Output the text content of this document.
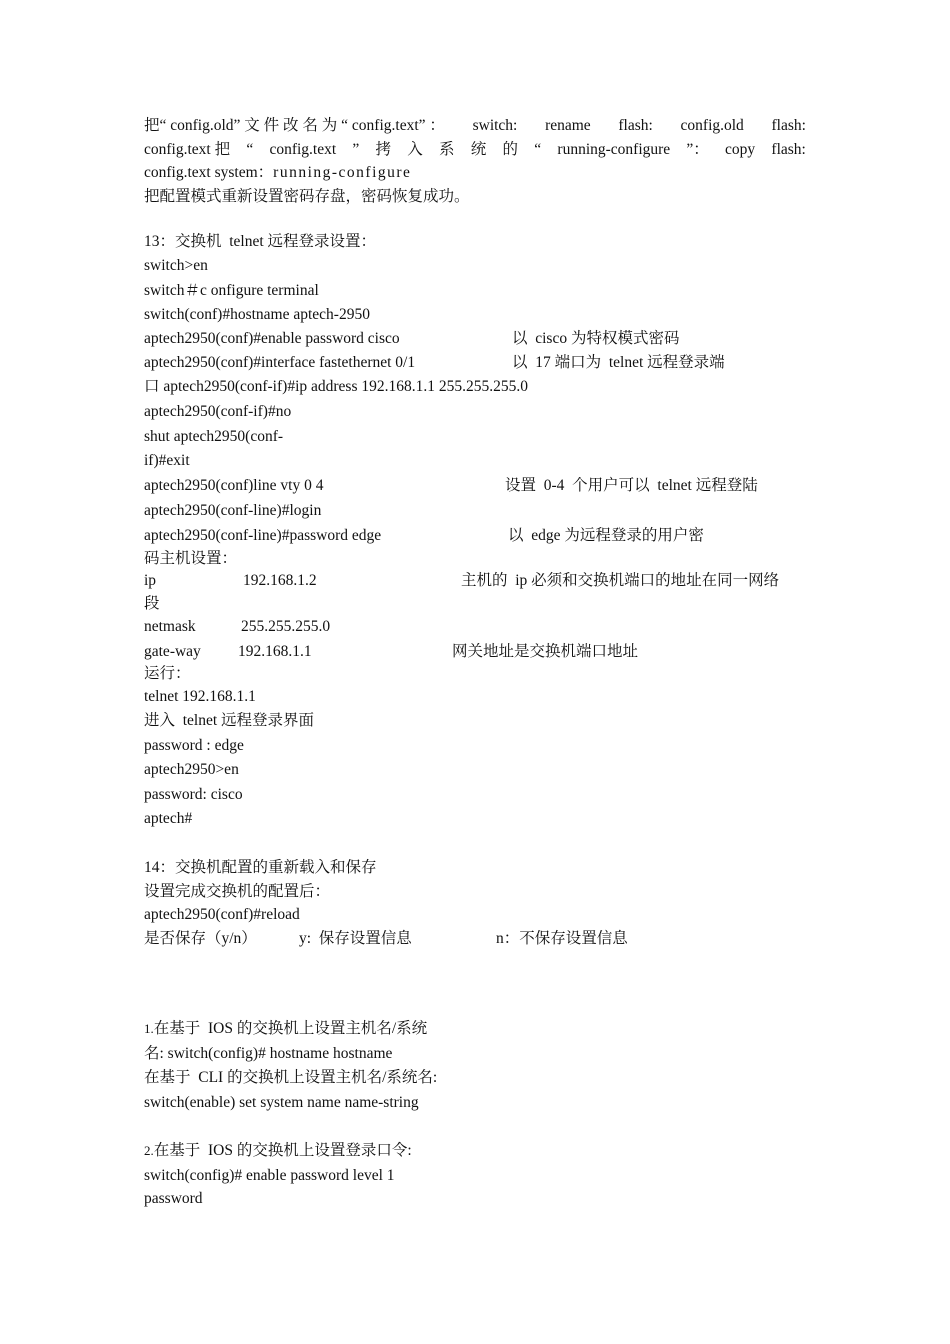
把“ config.old” 文 件 改 名 为 “ config.text” ： switch: rename flash: config.old flash:
config.text 把 “ config.text ” 拷 入 系 统 的 “ running-configure ”： copy flash:
config.text system：running-configure
把配置模式重新设置密码存盘，密码恢复成功。
13：交换机  telnet 远程登录设置：
switch>en
switch＃c onfigure terminal
switch(conf)#hostname aptech-2950
aptech2950(conf)#enable password cisco	以  cisco 为特权模式密码
aptech2950(conf)#interface fastethernet 0/1	以  17 端口为  telnet 远程登录端
口 aptech2950(conf-if)#ip address 192.168.1.1 255.255.255.0
aptech2950(conf-if)#no
shut aptech2950(conf-
if)#exit
aptech2950(conf)line vty 0 4	设置  0-4  个用户可以  telnet 远程登陆
aptech2950(conf-line)#login
aptech2950(conf-line)#password edge	以  edge 为远程登录的用户密
码主机设置：
ip	192.168.1.2	主机的  ip 必须和交换机端口的地址在同一网络
段
netmask	255.255.255.0
gate-way 192.168.1.1	网关地址是交换机端口地址
运行：
telnet 192.168.1.1
进入  telnet 远程登录界面
password : edge
aptech2950>en
password: cisco
aptech#
14：交换机配置的重新载入和保存
设置完成交换机的配置后：
aptech2950(conf)#reload
是否保存（y/n）	y:  保存设置信息	n：不保存设置信息
1.在基于  IOS 的交换机上设置主机名/系统
名: switch(config)# hostname hostname
在基于  CLI 的交换机上设置主机名/系统名:
switch(enable) set system name name-string
2.在基于  IOS 的交换机上设置登录口令:
switch(config)# enable password level 1
password
